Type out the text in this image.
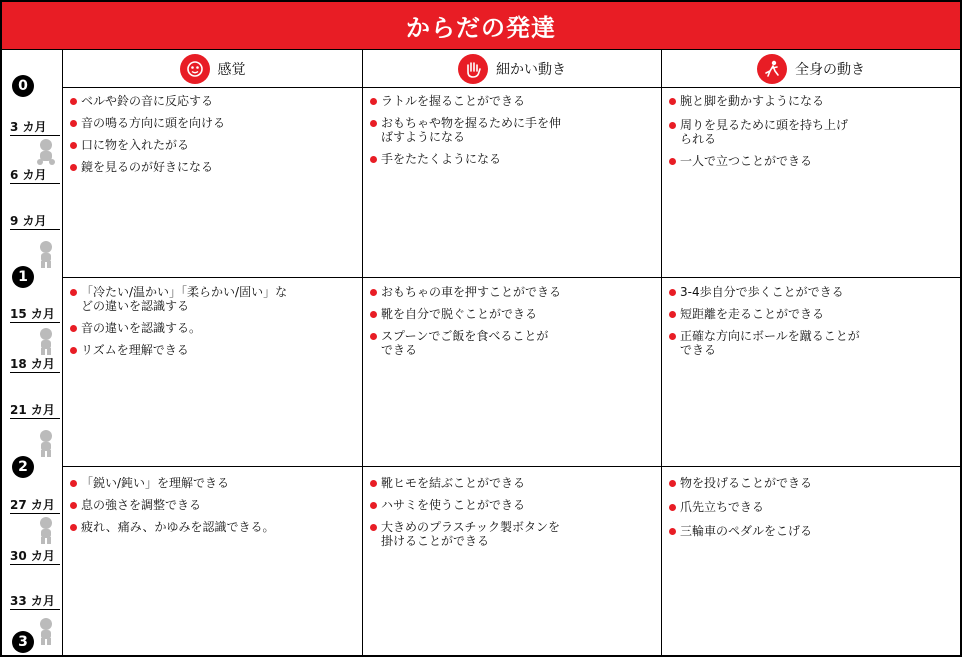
からだの発達
感覚	細かい動き	全身の動き
0
3 カ月
6 カ月
9 カ月
1
15 カ月
18 カ月
21 カ月
2
27 カ月
30 カ月
33 カ月
3
ベルや鈴の音に反応する
音の鳴る方向に頭を向ける
口に物を入れたがる
鏡を見るのが好きになる
ラトルを握ることができる
おもちゃや物を握るために手を伸
ばすようになる
手をたたくようになる
腕と脚を動かすようになる
周りを見るために頭を持ち上げ
られる
一人で立つことができる
「冷たい/温かい」「柔らかい/固い」な
どの違いを認識する
音の違いを認識する。
リズムを理解できる
おもちゃの車を押すことができる
靴を自分で脱ぐことができる
スプーンでご飯を食べることが
できる
3-4歩自分で歩くことができる
短距離を走ることができる
正確な方向にボールを蹴ることが
できる
「鋭い/鈍い」を理解できる
息の強さを調整できる
疲れ、痛み、かゆみを認識できる。
靴ヒモを結ぶことができる
ハサミを使うことができる
大きめのプラスチック製ボタンを
掛けることができる
物を投げることができる
爪先立ちできる
三輪車のペダルをこげる
